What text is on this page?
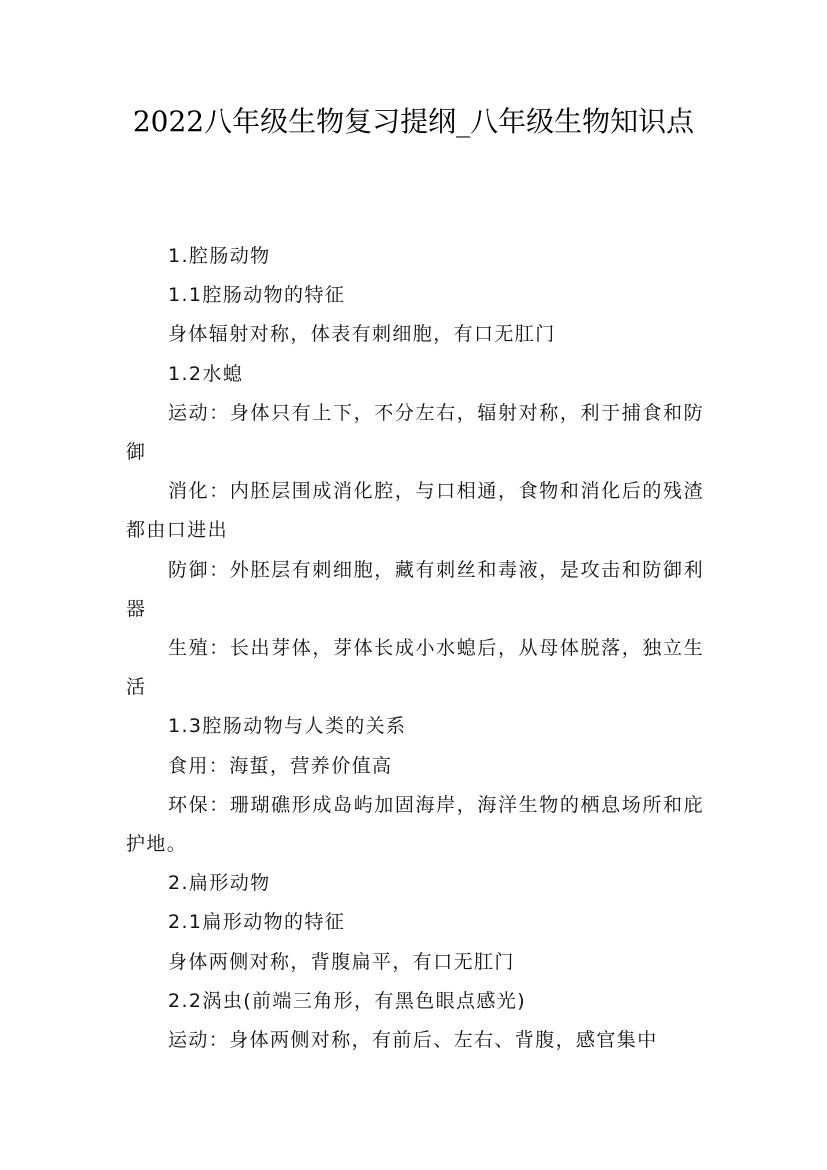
2022八年级生物复习提纲_八年级生物知识点

1.腔肠动物

1.1腔肠动物的特征

身体辐射对称，体表有刺细胞，有口无肛门

1.2水螅

运动：身体只有上下，不分左右，辐射对称，利于捕食和防御

消化：内胚层围成消化腔，与口相通，食物和消化后的残渣都由口进出

防御：外胚层有刺细胞，藏有刺丝和毒液，是攻击和防御利器

生殖：长出芽体，芽体长成小水螅后，从母体脱落，独立生活

1.3腔肠动物与人类的关系

食用：海蜇，营养价值高

环保：珊瑚礁形成岛屿加固海岸，海洋生物的栖息场所和庇护地。

2.扁形动物

2.1扁形动物的特征

身体两侧对称，背腹扁平，有口无肛门

2.2涡虫(前端三角形，有黑色眼点感光)

运动：身体两侧对称，有前后、左右、背腹，感官集中
